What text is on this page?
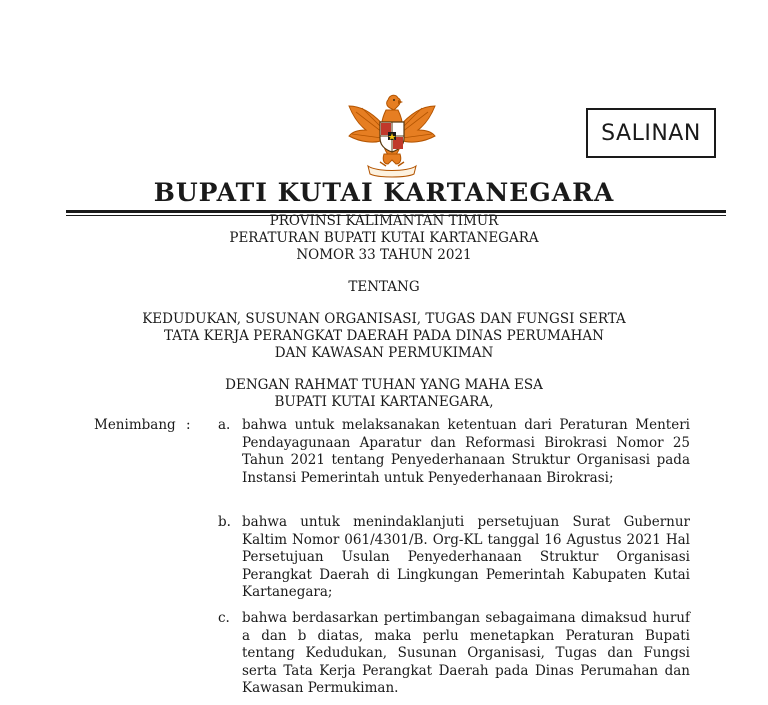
SALINAN
BUPATI KUTAI KARTANEGARA
PROVINSI KALIMANTAN TIMUR
PERATURAN BUPATI KUTAI KARTANEGARA
NOMOR 33 TAHUN 2021
TENTANG
KEDUDUKAN, SUSUNAN ORGANISASI, TUGAS DAN FUNGSI SERTA
TATA KERJA PERANGKAT DAERAH PADA DINAS PERUMAHAN
DAN KAWASAN PERMUKIMAN
DENGAN RAHMAT TUHAN YANG MAHA ESA
BUPATI KUTAI KARTANEGARA,
Menimbang : a. bahwa untuk melaksanakan ketentuan dari Peraturan Menteri Pendayagunaan Aparatur dan Reformasi Birokrasi Nomor 25 Tahun 2021 tentang Penyederhanaan Struktur Organisasi pada Instansi Pemerintah untuk Penyederhanaan Birokrasi;

b. bahwa untuk menindaklanjuti persetujuan Surat Gubernur Kaltim Nomor 061/4301/B. Org-KL tanggal 16 Agustus 2021 Hal Persetujuan Usulan Penyederhanaan Struktur Organisasi Perangkat Daerah di Lingkungan Pemerintah Kabupaten Kutai Kartanegara;

c. bahwa berdasarkan pertimbangan sebagaimana dimaksud huruf a dan b diatas, maka perlu menetapkan Peraturan Bupati tentang Kedudukan, Susunan Organisasi, Tugas dan Fungsi serta Tata Kerja Perangkat Daerah pada Dinas Perumahan dan Kawasan Permukiman.
